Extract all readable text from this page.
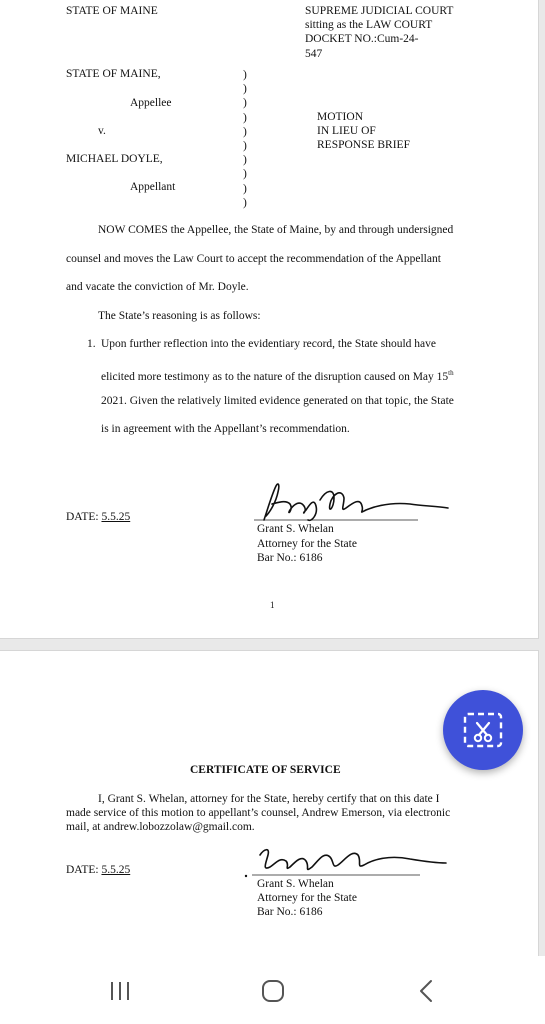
STATE OF MAINE	SUPREME JUDICIAL COURT
sitting as the LAW COURT
DOCKET NO.:Cum-24-
547
STATE OF MAINE,
Appellee
v.
MICHAEL DOYLE,
Appellant
)
)
)
)
)
)
)
)
)
)
MOTION
IN LIEU OF
RESPONSE BRIEF
NOW COMES the Appellee, the State of Maine, by and through undersigned
counsel and moves the Law Court to accept the recommendation of the Appellant
and vacate the conviction of Mr. Doyle.
The State’s reasoning is as follows:
1. Upon further reflection into the evidentiary record, the State should have
elicited more testimony as to the nature of the disruption caused on May 15th
2021. Given the relatively limited evidence generated on that topic, the State
is in agreement with the Appellant’s recommendation.
DATE: 5.5.25
Grant S. Whelan
Attorney for the State
Bar No.: 6186
1
CERTIFICATE OF SERVICE
I, Grant S. Whelan, attorney for the State, hereby certify that on this date I
made service of this motion to appellant’s counsel, Andrew Emerson, via electronic
mail, at andrew.lobozzolaw@gmail.com.
DATE: 5.5.25
Grant S. Whelan
Attorney for the State
Bar No.: 6186
